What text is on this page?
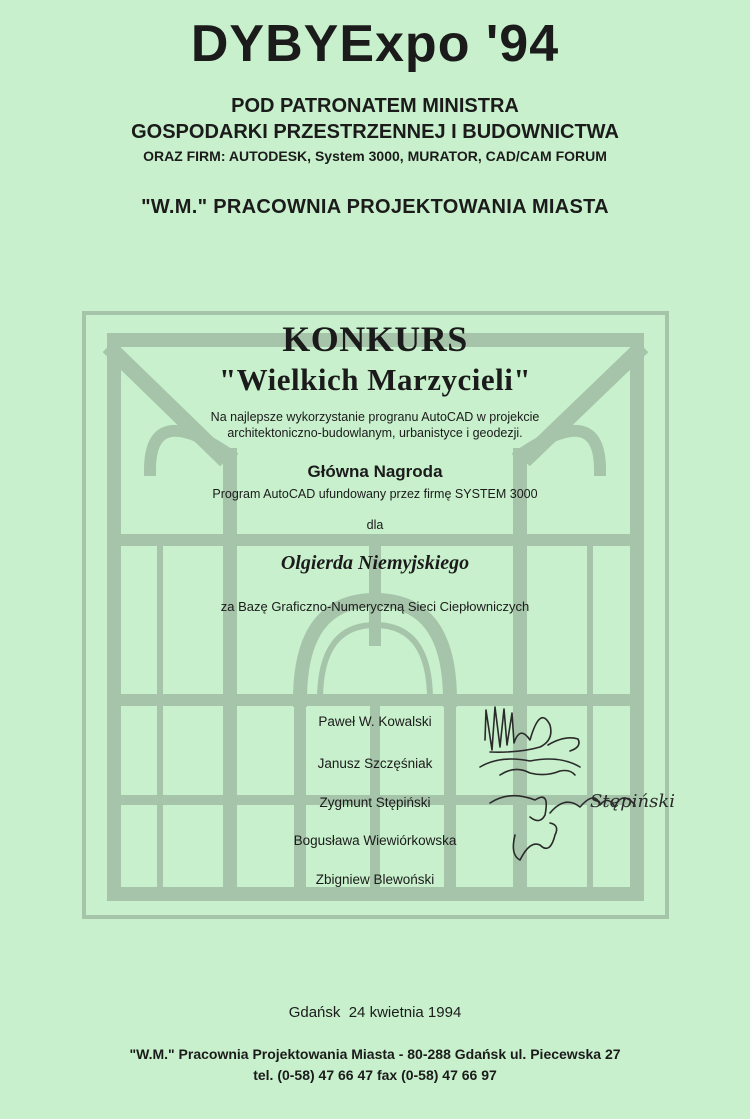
DYBYExpo '94
POD PATRONATEM MINISTRA
GOSPODARKI PRZESTRZENNEJ I BUDOWNICTWA
ORAZ FIRM: AUTODESK, System 3000, MURATOR, CAD/CAM FORUM
"W.M." PRACOWNIA PROJEKTOWANIA MIASTA
KONKURS
"Wielkich Marzycieli"
Na najlepsze wykorzystanie progranu AutoCAD w projekcie
architektoniczno-budowlanym, urbanistyce i geodezji.
Główna Nagroda
Program AutoCAD ufundowany przez firmę SYSTEM 3000
dla
Olgierda Niemyjskiego
za Bazę Graficzno-Numeryczną Sieci Ciepłowniczych
Paweł W. Kowalski
Janusz Szczęśniak
Zygmunt Stępiński
Bogusława Wiewiórkowska
Zbigniew Blewoński
Stępiński
Gdańsk  24 kwietnia 1994
"W.M." Pracownia Projektowania Miasta - 80-288 Gdańsk ul. Piecewska 27
tel. (0-58) 47 66 47 fax (0-58) 47 66 97
